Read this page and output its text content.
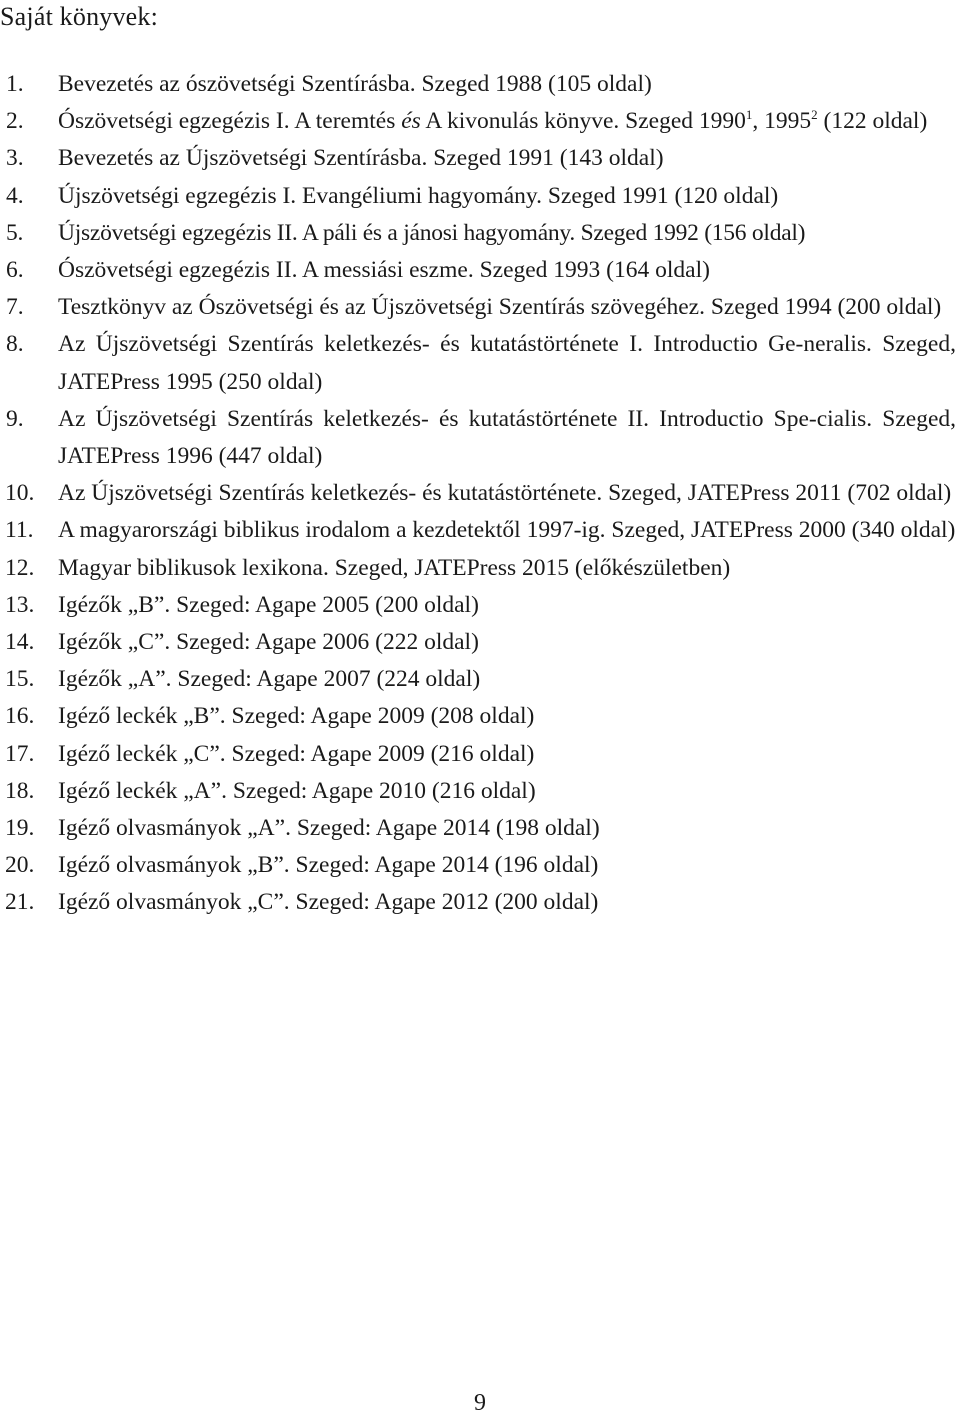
Saját könyvek:
1.	Bevezetés az ószövetségi Szentírásba. Szeged 1988 (105 oldal)
2.	Ószövetségi egzegézis I. A teremtés és A kivonulás könyve. Szeged 1990$^1$, 1995$^2$ (122 oldal)
3.	Bevezetés az Újszövetségi Szentírásba. Szeged 1991 (143 oldal)
4.	Újszövetségi egzegézis I. Evangéliumi hagyomány. Szeged 1991 (120 oldal)
5.	Újszövetségi egzegézis II. A páli és a jánosi hagyomány. Szeged 1992 (156 oldal)
6.	Ószövetségi egzegézis II. A messiási eszme. Szeged 1993 (164 oldal)
7.	Tesztkönyv az Ószövetségi és az Újszövetségi Szentírás szövegéhez. Szeged 1994 (200 oldal)
8.	Az Újszövetségi Szentírás keletkezés- és kutatástörténete I. Introductio Ge-neralis. Szeged, JATEPress 1995 (250 oldal)
9.	Az Újszövetségi Szentírás keletkezés- és kutatástörténete II. Introductio Spe-cialis. Szeged, JATEPress 1996 (447 oldal)
10.	Az Újszövetségi Szentírás keletkezés- és kutatástörténete. Szeged, JATEPress 2011 (702 oldal)
11.	A magyarországi biblikus irodalom a kezdetektől 1997-ig. Szeged, JATEPress 2000 (340 oldal)
12.	Magyar biblikusok lexikona. Szeged, JATEPress 2015 (előkészületben)
13.	Igézők „B”. Szeged: Agape 2005 (200 oldal)
14.	Igézők „C”. Szeged: Agape 2006 (222 oldal)
15.	Igézők „A”. Szeged: Agape 2007 (224 oldal)
16.	Igéző leckék „B”. Szeged: Agape 2009 (208 oldal)
17.	Igéző leckék „C”. Szeged: Agape 2009 (216 oldal)
18.	Igéző leckék „A”. Szeged: Agape 2010 (216 oldal)
19.	Igéző olvasmányok „A”. Szeged: Agape 2014 (198 oldal)
20.	Igéző olvasmányok „B”. Szeged: Agape 2014 (196 oldal)
21.	Igéző olvasmányok „C”. Szeged: Agape 2012 (200 oldal)
9
